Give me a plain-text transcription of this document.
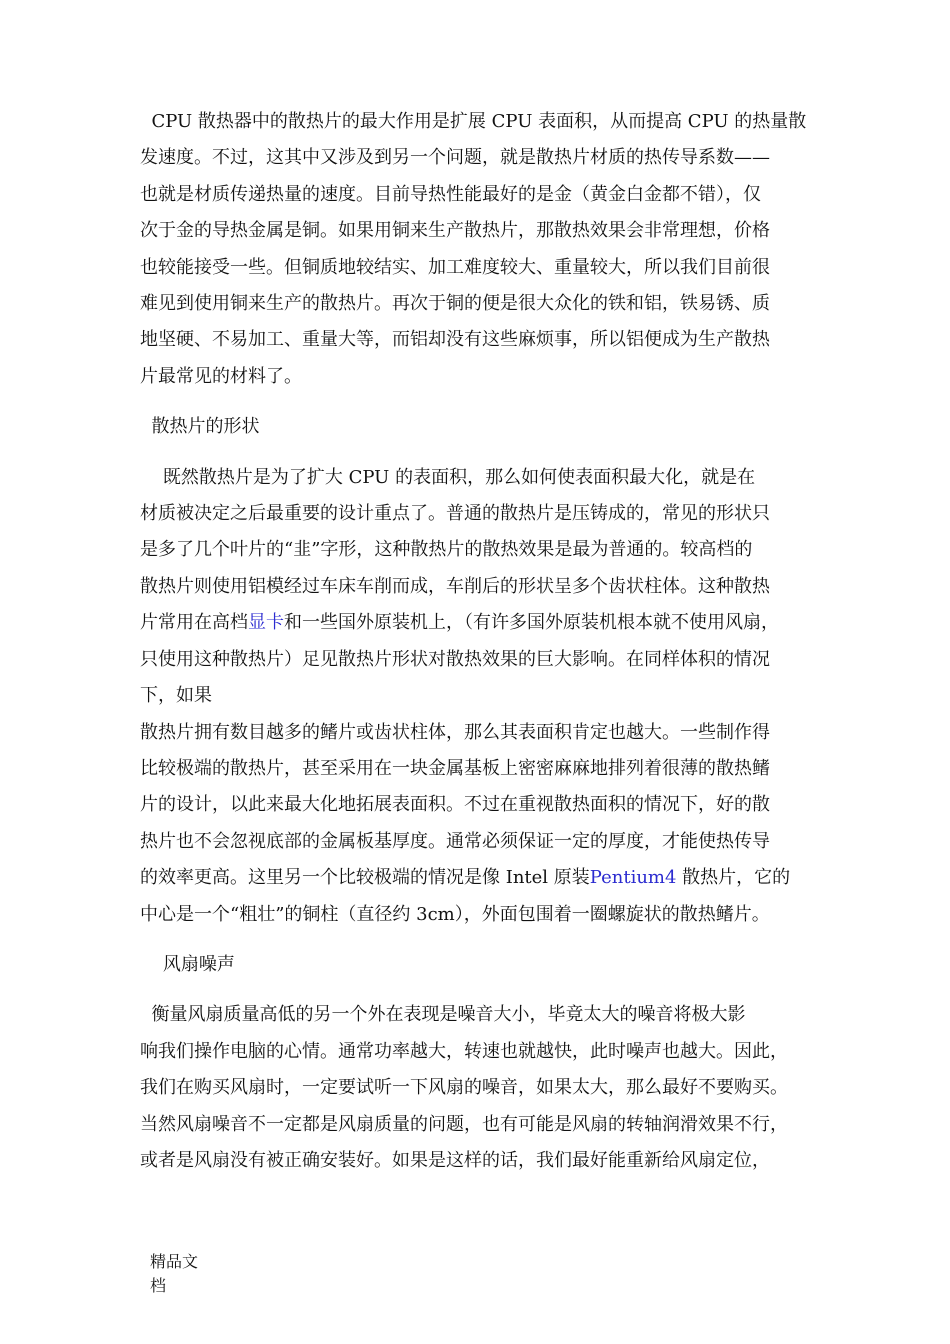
CPU 散热器中的散热片的最大作用是扩展 CPU 表面积，从而提高 CPU 的热量散

发速度。不过，这其中又涉及到另一个问题，就是散热片材质的热传导系数——

也就是材质传递热量的速度。目前导热性能最好的是金（黄金白金都不错），仅

次于金的导热金属是铜。如果用铜来生产散热片，那散热效果会非常理想，价格

也较能接受一些。但铜质地较结实、加工难度较大、重量较大，所以我们目前很

难见到使用铜来生产的散热片。再次于铜的便是很大众化的铁和铝，铁易锈、质

地坚硬、不易加工、重量大等，而铝却没有这些麻烦事，所以铝便成为生产散热

片最常见的材料了。

散热片的形状

既然散热片是为了扩大 CPU 的表面积，那么如何使表面积最大化，就是在

材质被决定之后最重要的设计重点了。普通的散热片是压铸成的，常见的形状只

是多了几个叶片的“韭”字形，这种散热片的散热效果是最为普通的。较高档的

散热片则使用铝模经过车床车削而成，车削后的形状呈多个齿状柱体。这种散热

片常用在高档显卡和一些国外原装机上，（有许多国外原装机根本就不使用风扇，

只使用这种散热片）足见散热片形状对散热效果的巨大影响。在同样体积的情况

下，如果

散热片拥有数目越多的鳍片或齿状柱体，那么其表面积肯定也越大。一些制作得

比较极端的散热片，甚至采用在一块金属基板上密密麻麻地排列着很薄的散热鳍

片的设计，以此来最大化地拓展表面积。不过在重视散热面积的情况下，好的散

热片也不会忽视底部的金属板基厚度。通常必须保证一定的厚度，才能使热传导

的效率更高。这里另一个比较极端的情况是像 Intel 原装Pentium4 散热片，它的

中心是一个“粗壮”的铜柱（直径约 3cm），外面包围着一圈螺旋状的散热鳍片。

风扇噪声

衡量风扇质量高低的另一个外在表现是噪音大小，毕竟太大的噪音将极大影

响我们操作电脑的心情。通常功率越大，转速也就越快，此时噪声也越大。因此，

我们在购买风扇时，一定要试听一下风扇的噪音，如果太大，那么最好不要购买。

当然风扇噪音不一定都是风扇质量的问题，也有可能是风扇的转轴润滑效果不行，

或者是风扇没有被正确安装好。如果是这样的话，我们最好能重新给风扇定位，

精品文
档
